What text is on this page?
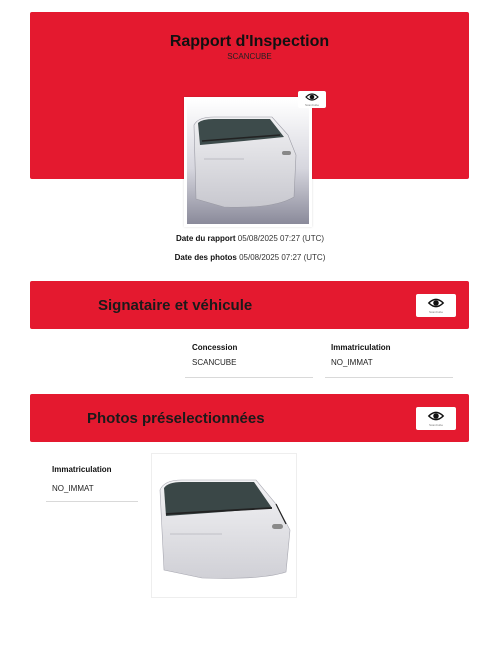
Rapport d'Inspection
SCANCUBE
ScanCube
Date du rapport 05/08/2025 07:27 (UTC)
Date des photos 05/08/2025 07:27 (UTC)
Signataire et véhicule	ScanCube
Concession
SCANCUBE
Immatriculation
NO_IMMAT
Photos préselectionnées	ScanCube
Immatriculation
NO_IMMAT
